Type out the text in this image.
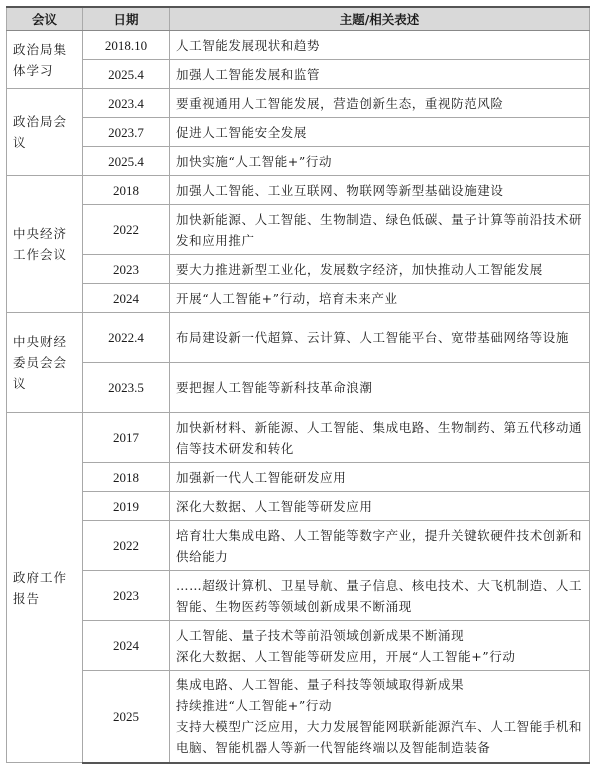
会议	日期	主题/相关表述
政治局集体学习	2018.10	人工智能发展现状和趋势
	2025.4	加强人工智能发展和监管
政治局会议	2023.4	要重视通用人工智能发展，营造创新生态，重视防范风险
	2023.7	促进人工智能安全发展
	2025.4	加快实施“人工智能+”行动
中央经济工作会议	2018	加强人工智能、工业互联网、物联网等新型基础设施建设
	2022	加快新能源、人工智能、生物制造、绿色低碳、量子计算等前沿技术研发和应用推广
	2023	要大力推进新型工业化，发展数字经济，加快推动人工智能发展
	2024	开展“人工智能+”行动，培育未来产业
中央财经委员会会议	2022.4	布局建设新一代超算、云计算、人工智能平台、宽带基础网络等设施
	2023.5	要把握人工智能等新科技革命浪潮
政府工作报告	2017	加快新材料、新能源、人工智能、集成电路、生物制药、第五代移动通信等技术研发和转化
	2018	加强新一代人工智能研发应用
	2019	深化大数据、人工智能等研发应用
	2022	培育壮大集成电路、人工智能等数字产业，提升关键软硬件技术创新和供给能力
	2023	……超级计算机、卫星导航、量子信息、核电技术、大飞机制造、人工智能、生物医药等领域创新成果不断涌现
	2024	人工智能、量子技术等前沿领域创新成果不断涌现
深化大数据、人工智能等研发应用，开展“人工智能+”行动
	2025	集成电路、人工智能、量子科技等领域取得新成果
持续推进“人工智能+”行动
支持大模型广泛应用，大力发展智能网联新能源汽车、人工智能手机和电脑、智能机器人等新一代智能终端以及智能制造装备
